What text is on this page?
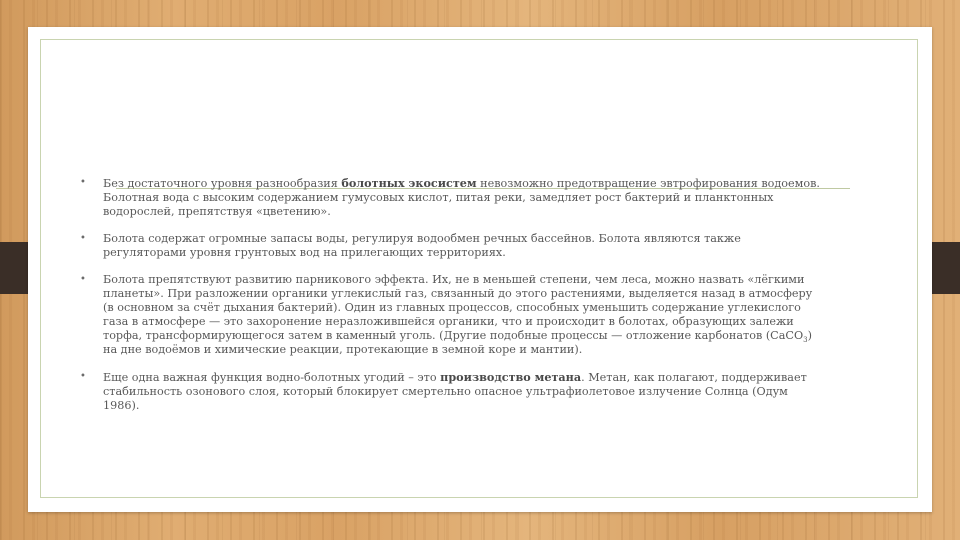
• Без достаточного уровня разнообразия болотных экосистем невозможно предотвращение эвтрофирования водоемов. Болотная вода с высоким содержанием гумусовых кислот, питая реки, замедляет рост бактерий и планктонных водорослей, препятствуя «цветению».

• Болота содержат огромные запасы воды, регулируя водообмен речных бассейнов. Болота являются также регуляторами уровня грунтовых вод на прилегающих территориях.

• Болота препятствуют развитию парникового эффекта. Их, не в меньшей степени, чем леса, можно назвать «лёгкими планеты». При разложении органики углекислый газ, связанный до этого растениями, выделяется назад в атмосферу (в основном за счёт дыхания бактерий). Один из главных процессов, способных уменьшить содержание углекислого газа в атмосфере — это захоронение неразложившейся органики, что и происходит в болотах, образующих залежи торфа, трансформирующегося затем в каменный уголь. (Другие подобные процессы — отложение карбонатов (CaCO$_3$) на дне водоёмов и химические реакции, протекающие в земной коре и мантии).

• Еще одна важная функция водно-болотных угодий – это производство метана. Метан, как полагают, поддерживает стабильность озонового слоя, который блокирует смертельно опасное ультрафиолетовое излучение Солнца (Одум 1986).
